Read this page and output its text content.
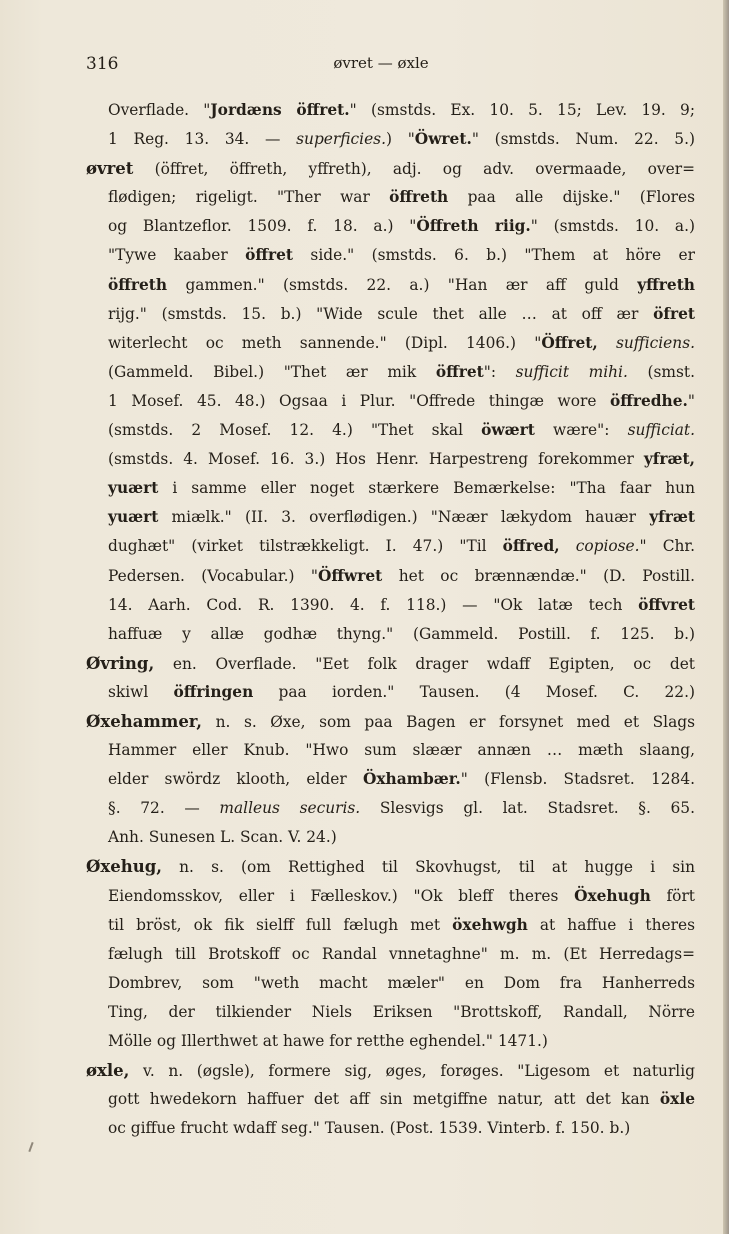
316	øvret — øxle
Overflade. "Jordæns öffret." (smstds. Ex. 10. 5. 15; Lev. 19. 9;
1 Reg. 13. 34. — superficies.) "Öwret." (smstds. Num. 22. 5.)
øvret (öffret, öffreth, yffreth), adj. og adv. overmaade, over=
flødigen; rigeligt. "Ther war öffreth paa alle dijske." (Flores
og Blantzeflor. 1509. f. 18. a.) "Öffreth riig." (smstds. 10. a.)
"Tywe kaaber öffret side." (smstds. 6. b.) "Them at höre er
öffreth gammen." (smstds. 22. a.) "Han ær aff guld yffreth
rijg." (smstds. 15. b.) "Wide scule thet alle … at off ær öfret
witerlecht oc meth sannende." (Dipl. 1406.) "Öffret, sufficiens.
(Gammeld. Bibel.) "Thet ær mik öffret": sufficit mihi. (smst.
1 Mosef. 45. 48.) Ogsaa i Plur. "Offrede thingæ wore öffredhe."
(smstds. 2 Mosef. 12. 4.) "Thet skal öwært wære": sufficiat.
(smstds. 4. Mosef. 16. 3.) Hos Henr. Harpestreng forekommer yfræt,
yuært i samme eller noget stærkere Bemærkelse: "Tha faar hun
yuært miælk." (II. 3. overflødigen.) "Næær lækydom hauær yfræt
dughæt" (virket tilstrækkeligt. I. 47.) "Til öffred, copiose." Chr.
Pedersen. (Vocabular.) "Öffwret het oc brænnændæ." (D. Postill.
14. Aarh. Cod. R. 1390. 4. f. 118.) — "Ok latæ tech öffvret
haffuæ y allæ godhæ thyng." (Gammeld. Postill. f. 125. b.)
Øvring, en. Overflade. "Eet folk drager wdaff Egipten, oc det
skiwl öffringen paa iorden." Tausen. (4 Mosef. C. 22.)
Øxehammer, n. s. Øxe, som paa Bagen er forsynet med et Slags
Hammer eller Knub. "Hwo sum slæær annæn … mæth slaang,
elder swördz klooth, elder Öxhambær." (Flensb. Stadsret. 1284.
§. 72. — malleus securis. Slesvigs gl. lat. Stadsret. §. 65.
Anh. Sunesen L. Scan. V. 24.)
Øxehug, n. s. (om Rettighed til Skovhugst, til at hugge i sin
Eiendomsskov, eller i Fælleskov.) "Ok bleff theres Öxehugh fört
til bröst, ok fik sielff full fælugh met öxehwgh at haffue i theres
fælugh till Brotskoff oc Randal vnnetaghne" m. m. (Et Herredags=
Dombrev, som "weth macht mæler" en Dom fra Hanherreds
Ting, der tilkiender Niels Eriksen "Brottskoff, Randall, Nörre
Mölle og Illerthwet at hawe for retthe eghendel." 1471.)
øxle, v. n. (øgsle), formere sig, øges, forøges. "Ligesom et naturlig
gott hwedekorn haffuer det aff sin metgiffne natur, att det kan öxle
oc giffue frucht wdaff seg." Tausen. (Post. 1539. Vinterb. f. 150. b.)
